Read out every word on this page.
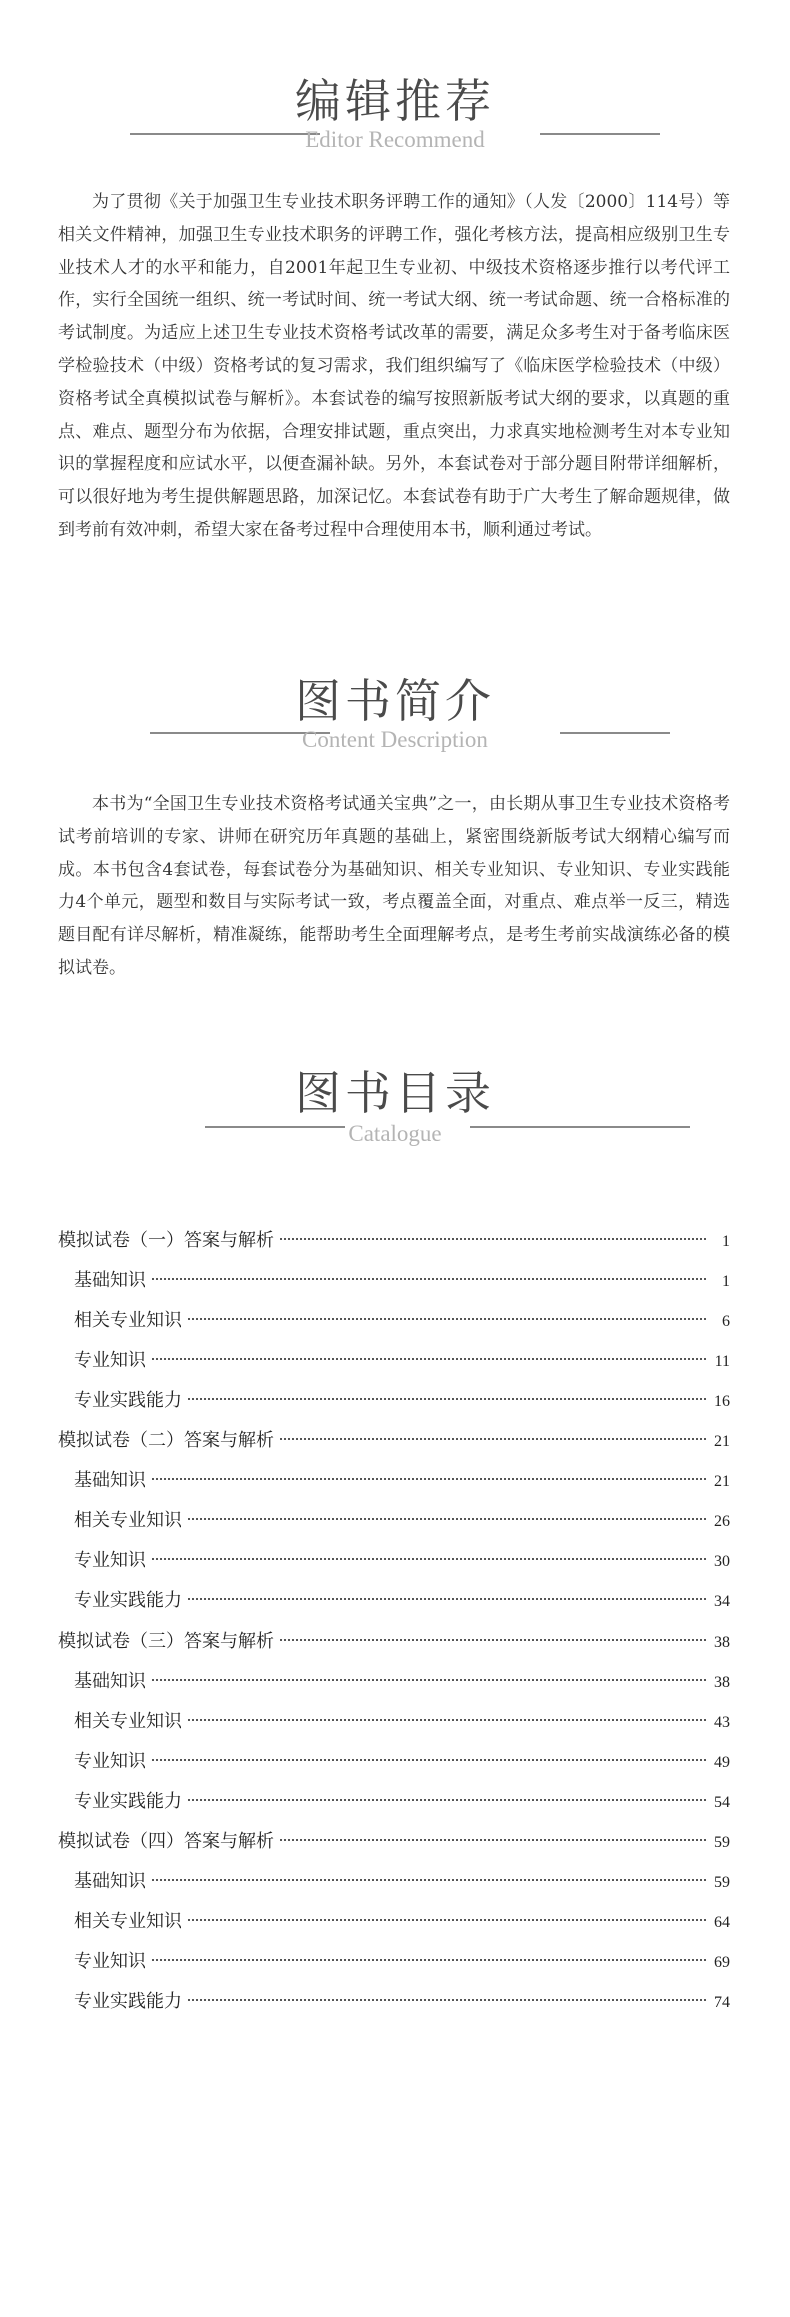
编辑推荐
Editor Recommend

为了贯彻《关于加强卫生专业技术职务评聘工作的通知》（人发〔2000〕114号）等相关文件精神，加强卫生专业技术职务的评聘工作，强化考核方法，提高相应级别卫生专业技术人才的水平和能力，自2001年起卫生专业初、中级技术资格逐步推行以考代评工作，实行全国统一组织、统一考试时间、统一考试大纲、统一考试命题、统一合格标准的考试制度。为适应上述卫生专业技术资格考试改革的需要，满足众多考生对于备考临床医学检验技术（中级）资格考试的复习需求，我们组织编写了《临床医学检验技术（中级）资格考试全真模拟试卷与解析》。本套试卷的编写按照新版考试大纲的要求，以真题的重点、难点、题型分布为依据，合理安排试题，重点突出，力求真实地检测考生对本专业知识的掌握程度和应试水平，以便查漏补缺。另外，本套试卷对于部分题目附带详细解析，可以很好地为考生提供解题思路，加深记忆。本套试卷有助于广大考生了解命题规律，做到考前有效冲刺，希望大家在备考过程中合理使用本书，顺利通过考试。

图书简介
Content Description

本书为“全国卫生专业技术资格考试通关宝典”之一，由长期从事卫生专业技术资格考试考前培训的专家、讲师在研究历年真题的基础上，紧密围绕新版考试大纲精心编写而成。本书包含4套试卷，每套试卷分为基础知识、相关专业知识、专业知识、专业实践能力4个单元，题型和数目与实际考试一致，考点覆盖全面，对重点、难点举一反三，精选题目配有详尽解析，精准凝练，能帮助考生全面理解考点，是考生考前实战演练必备的模拟试卷。

图书目录
Catalogue
模拟试卷（一）答案与解析	1
基础知识	1
相关专业知识	6
专业知识	11
专业实践能力	16
模拟试卷（二）答案与解析	21
基础知识	21
相关专业知识	26
专业知识	30
专业实践能力	34
模拟试卷（三）答案与解析	38
基础知识	38
相关专业知识	43
专业知识	49
专业实践能力	54
模拟试卷（四）答案与解析	59
基础知识	59
相关专业知识	64
专业知识	69
专业实践能力	74
